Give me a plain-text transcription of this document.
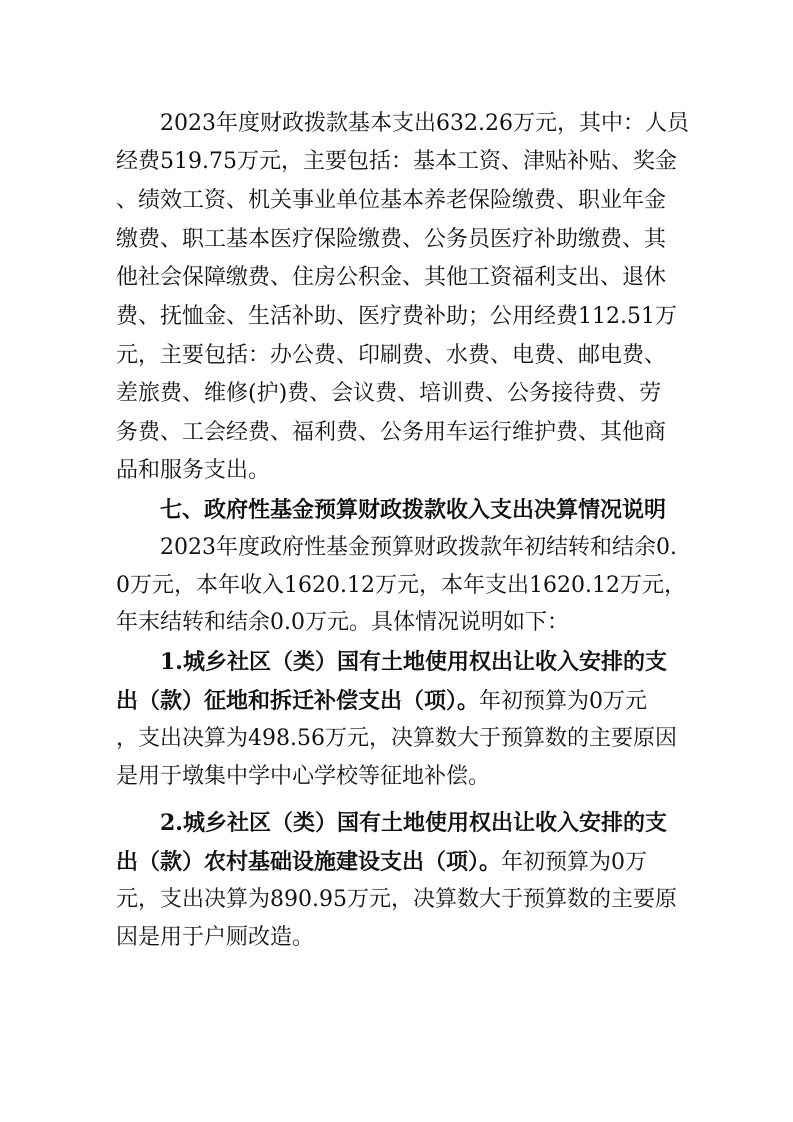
　　2023年度财政拨款基本支出632.26万元，其中：人员
经费519.75万元，主要包括：基本工资、津贴补贴、奖金
、绩效工资、机关事业单位基本养老保险缴费、职业年金
缴费、职工基本医疗保险缴费、公务员医疗补助缴费、其
他社会保障缴费、住房公积金、其他工资福利支出、退休
费、抚恤金、生活补助、医疗费补助；公用经费112.51万
元，主要包括：办公费、印刷费、水费、电费、邮电费、
差旅费、维修(护)费、会议费、培训费、公务接待费、劳
务费、工会经费、福利费、公务用车运行维护费、其他商
品和服务支出。
　　七、政府性基金预算财政拨款收入支出决算情况说明
　　2023年度政府性基金预算财政拨款年初结转和结余0.
0万元，本年收入1620.12万元，本年支出1620.12万元，
年末结转和结余0.0万元。具体情况说明如下：
　　1.城乡社区（类）国有土地使用权出让收入安排的支
出（款）征地和拆迁补偿支出（项）。年初预算为0万元
，支出决算为498.56万元，决算数大于预算数的主要原因
是用于墩集中学中心学校等征地补偿。
　　2.城乡社区（类）国有土地使用权出让收入安排的支
出（款）农村基础设施建设支出（项）。年初预算为0万
元，支出决算为890.95万元，决算数大于预算数的主要原
因是用于户厕改造。
